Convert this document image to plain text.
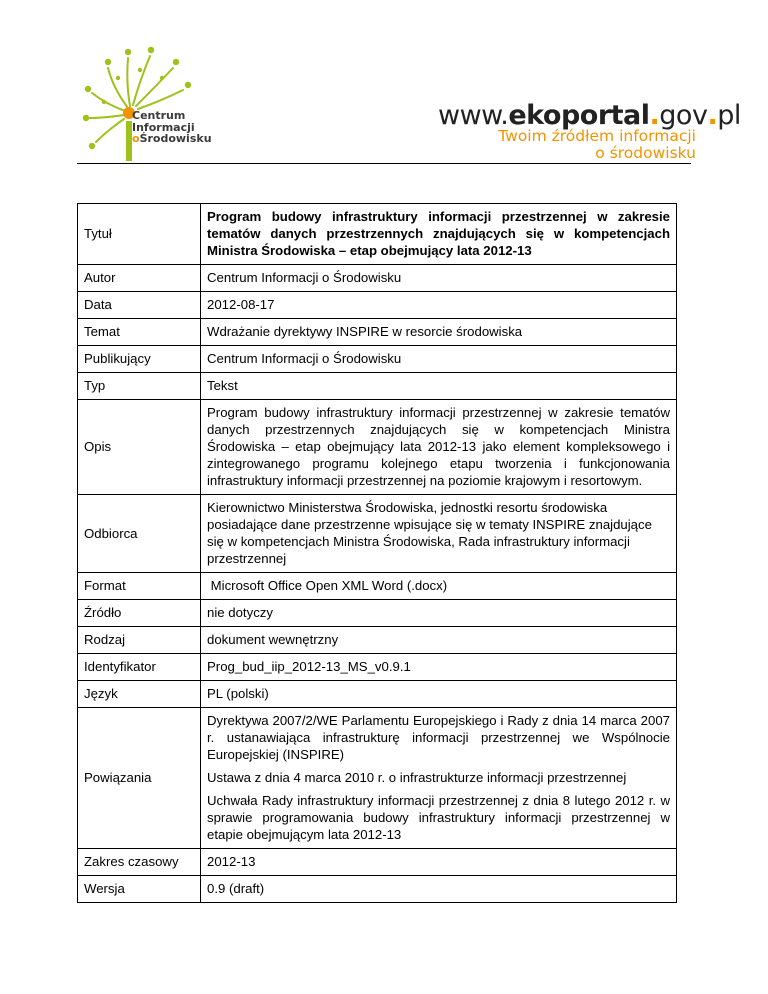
Centrum
Informacji
oŚrodowisku
www.ekoportal.gov.pl
Twoim źródłem informacji
o środowisku
Tytuł	Program budowy infrastruktury informacji przestrzennej w zakresie tematów danych przestrzennych znajdujących się w kompetencjach Ministra Środowiska – etap obejmujący lata 2012-13
Autor	Centrum Informacji o Środowisku
Data	2012-08-17
Temat	Wdrażanie dyrektywy INSPIRE w resorcie środowiska
Publikujący	Centrum Informacji o Środowisku
Typ	Tekst
Opis	Program budowy infrastruktury informacji przestrzennej w zakresie tematów danych przestrzennych znajdujących się w kompetencjach Ministra Środowiska – etap obejmujący lata 2012-13 jako element kompleksowego i zintegrowanego programu kolejnego etapu tworzenia i funkcjonowania infrastruktury informacji przestrzennej na poziomie krajowym i resortowym.
Odbiorca	Kierownictwo Ministerstwa Środowiska, jednostki resortu środowiska posiadające dane przestrzenne wpisujące się w tematy INSPIRE znajdujące się w kompetencjach Ministra Środowiska, Rada infrastruktury informacji przestrzennej
Format	Microsoft Office Open XML Word (.docx)
Źródło	nie dotyczy
Rodzaj	dokument wewnętrzny
Identyfikator	Prog_bud_iip_2012-13_MS_v0.9.1
Język	PL (polski)
Powiązania	Dyrektywa 2007/2/WE Parlamentu Europejskiego i Rady z dnia 14 marca 2007 r. ustanawiająca infrastrukturę informacji przestrzennej we Wspólnocie Europejskiej (INSPIRE)
Ustawa z dnia 4 marca 2010 r. o infrastrukturze informacji przestrzennej
Uchwała Rady infrastruktury informacji przestrzennej z dnia 8 lutego 2012 r. w sprawie programowania budowy infrastruktury informacji przestrzennej w etapie obejmującym lata 2012-13

Zakres czasowy	2012-13
Wersja	0.9 (draft)
